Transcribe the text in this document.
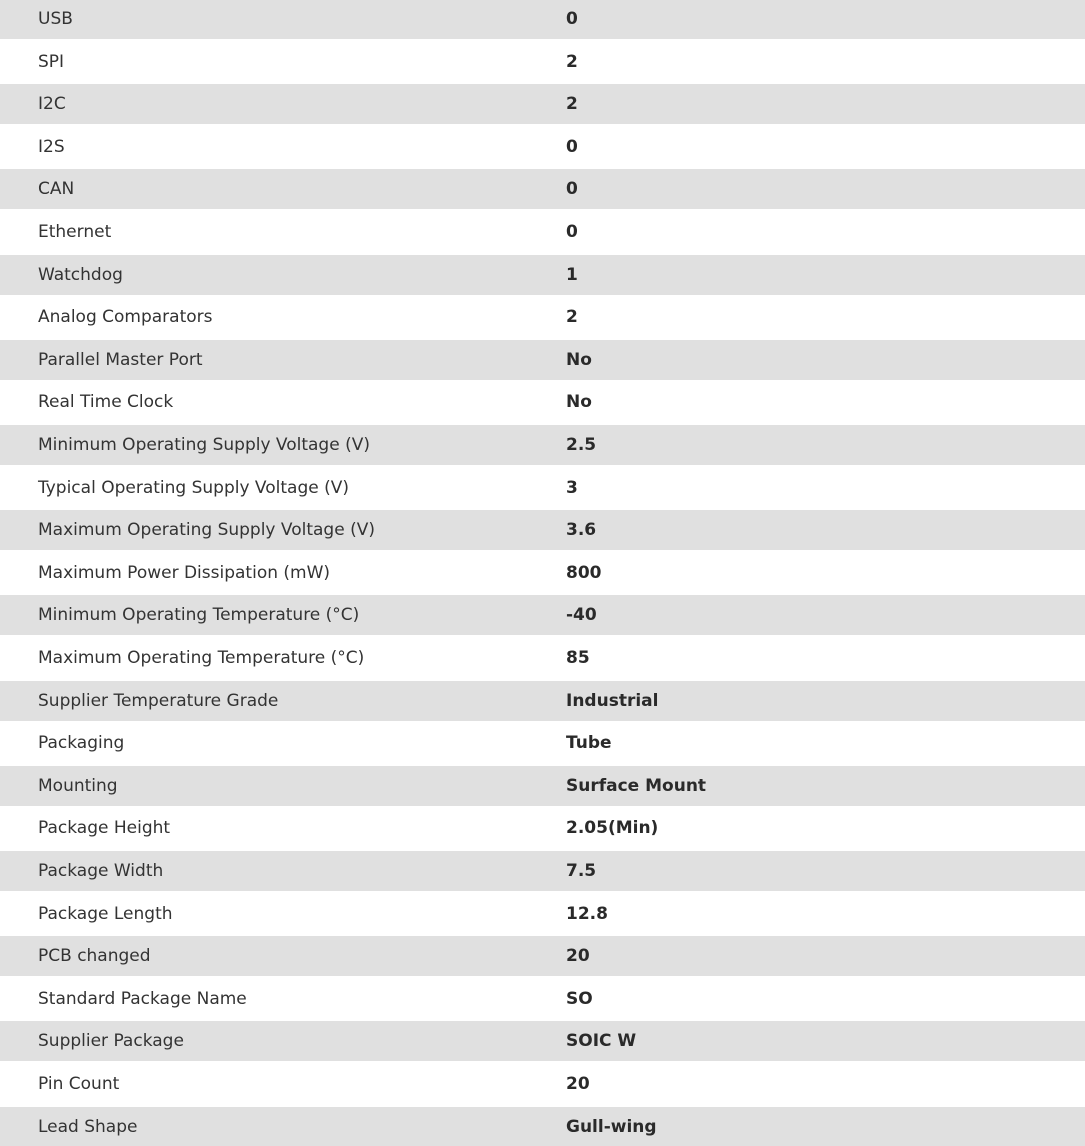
USB	0
SPI	2
I2C	2
I2S	0
CAN	0
Ethernet	0
Watchdog	1
Analog Comparators	2
Parallel Master Port	No
Real Time Clock	No
Minimum Operating Supply Voltage (V)	2.5
Typical Operating Supply Voltage (V)	3
Maximum Operating Supply Voltage (V)	3.6
Maximum Power Dissipation (mW)	800
Minimum Operating Temperature (°C)	-40
Maximum Operating Temperature (°C)	85
Supplier Temperature Grade	Industrial
Packaging	Tube
Mounting	Surface Mount
Package Height	2.05(Min)
Package Width	7.5
Package Length	12.8
PCB changed	20
Standard Package Name	SO
Supplier Package	SOIC W
Pin Count	20
Lead Shape	Gull-wing
